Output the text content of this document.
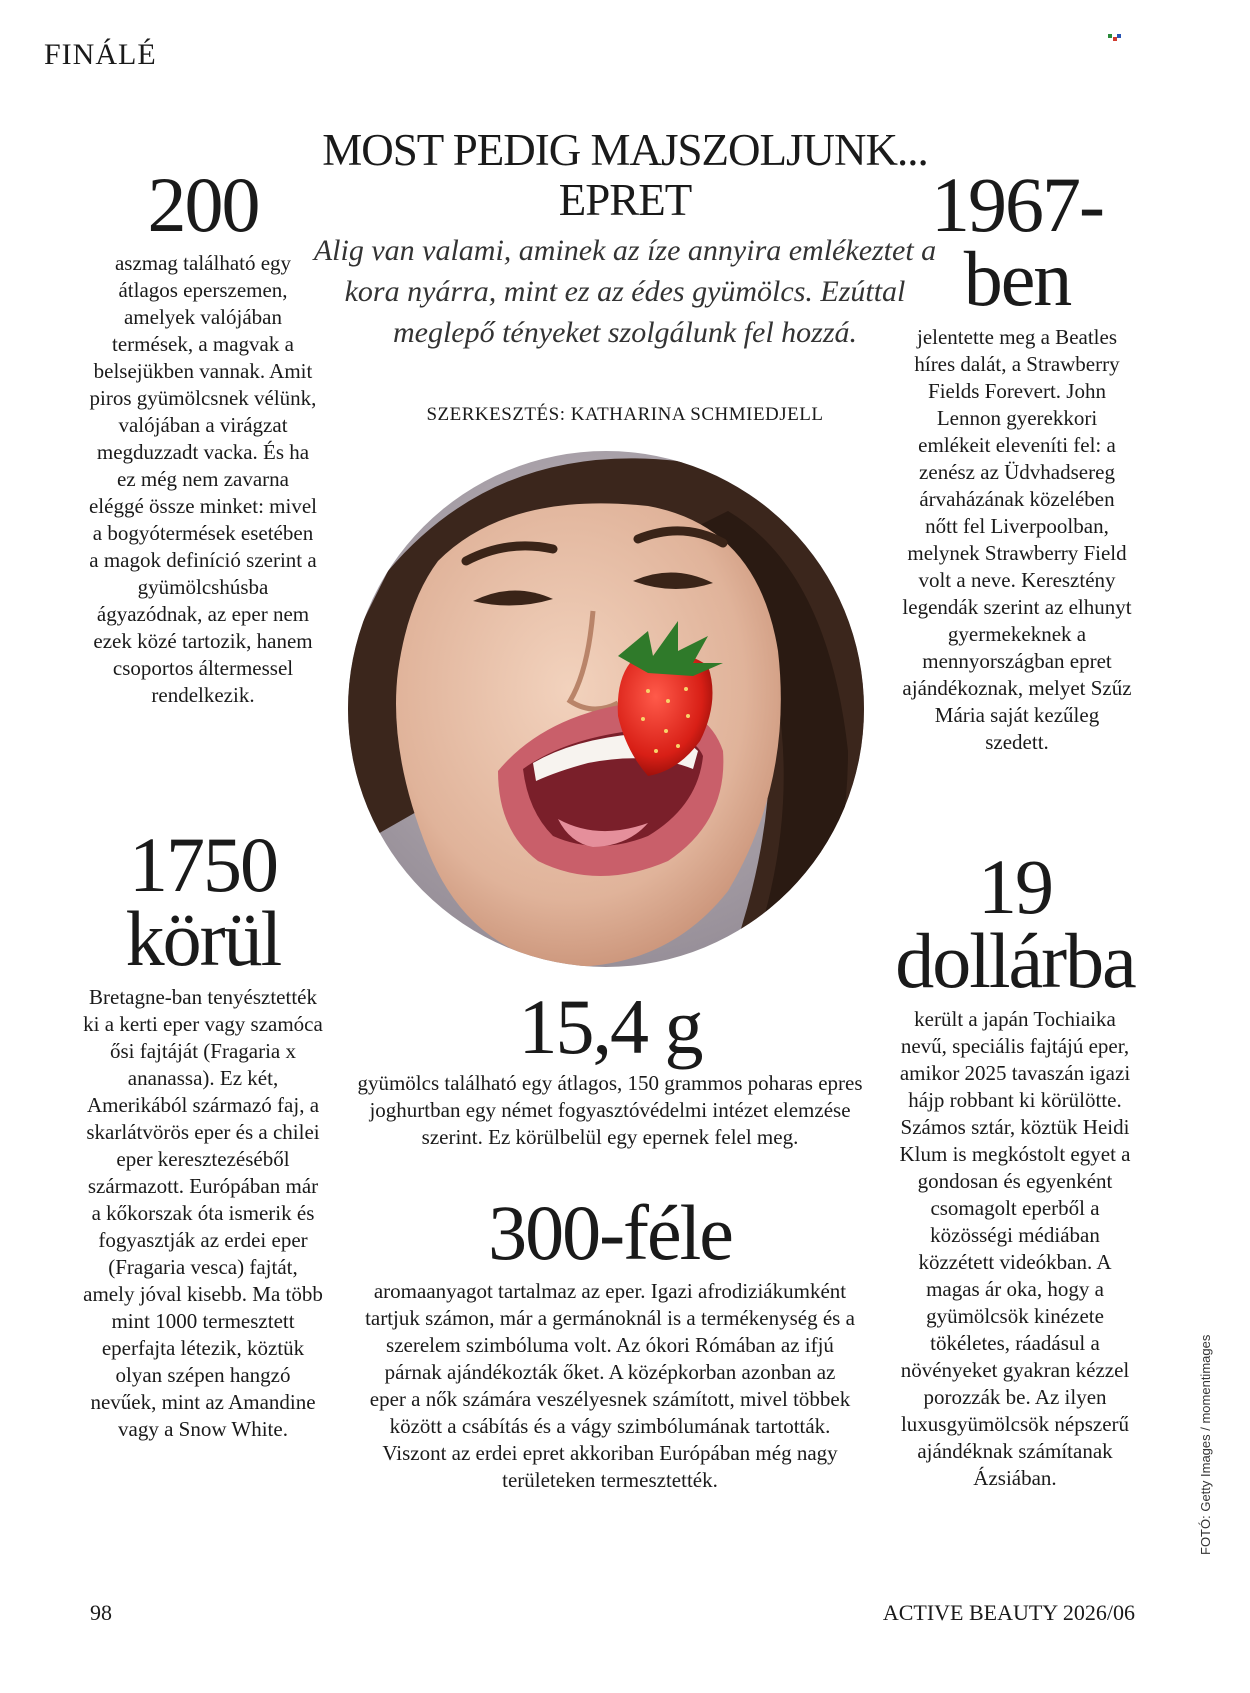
FINÁLÉ
MOST PEDIG MAJSZOLJUNK...
EPRET
Alig van valami, aminek az íze annyira emlékeztet a kora nyárra, mint ez az édes gyümölcs. Ezúttal meglepő tényeket szolgálunk fel hozzá.
SZERKESZTÉS: KATHARINA SCHMIEDJELL
200
aszmag található egy átlagos eperszemen, amelyek valójában termések, a magvak a belsejükben vannak. Amit piros gyümölcsnek vélünk, valójában a virágzat megduzzadt vacka. És ha ez még nem zavarna eléggé össze minket: mivel a bogyótermések esetében a magok definíció szerint a gyümölcshúsba ágyazódnak, az eper nem ezek közé tartozik, hanem csoportos áltermessel rendelkezik.
1750
körül
Bretagne-ban tenyésztették ki a kerti eper vagy szamóca ősi fajtáját (Fragaria x ananassa). Ez két, Amerikából származó faj, a skarlátvörös eper és a chilei eper keresztezéséből származott. Európában már a kőkorszak óta ismerik és fogyasztják az erdei eper (Fragaria vesca) fajtát, amely jóval kisebb. Ma több mint 1000 termesztett eperfajta létezik, köztük olyan szépen hangzó nevűek, mint az Amandine vagy a Snow White.
1967-
ben
jelentette meg a Beatles híres dalát, a Strawberry Fields Forevert. John Lennon gyerekkori emlékeit eleveníti fel: a zenész az Üdvhadsereg árvaházának közelében nőtt fel Liverpoolban, melynek Strawberry Field volt a neve. Keresztény legendák szerint az elhunyt gyermekeknek a mennyországban epret ajándékoznak, melyet Szűz Mária saját kezűleg szedett.
19
dollárba
került a japán Tochiaika nevű, speciális fajtájú eper, amikor 2025 tavaszán igazi hájp robbant ki körülötte. Számos sztár, köztük Heidi Klum is megkóstolt egyet a gondosan és egyenként csomagolt eperből a közösségi médiában közzétett videókban. A magas ár oka, hogy a gyümölcsök kinézete tökéletes, ráadásul a növényeket gyakran kézzel porozzák be. Az ilyen luxusgyümölcsök népszerű ajándéknak számítanak Ázsiában.
15,4 g
gyümölcs található egy átlagos, 150 grammos poharas epres joghurtban egy német fogyasztóvédelmi intézet elemzése szerint. Ez körülbelül egy epernek felel meg.
300-féle
aromaanyagot tartalmaz az eper. Igazi afrodiziákumként tartjuk számon, már a germánoknál is a termékenység és a szerelem szimbóluma volt. Az ókori Rómában az ifjú párnak ajándékozták őket. A középkorban azonban az eper a nők számára veszélyesnek számított, mivel többek között a csábítás és a vágy szimbólumának tartották. Viszont az erdei epret akkoriban Európában még nagy területeken termesztették.	FOTÓ: Getty Images / momentimages
98	ACTIVE BEAUTY 2026/06
